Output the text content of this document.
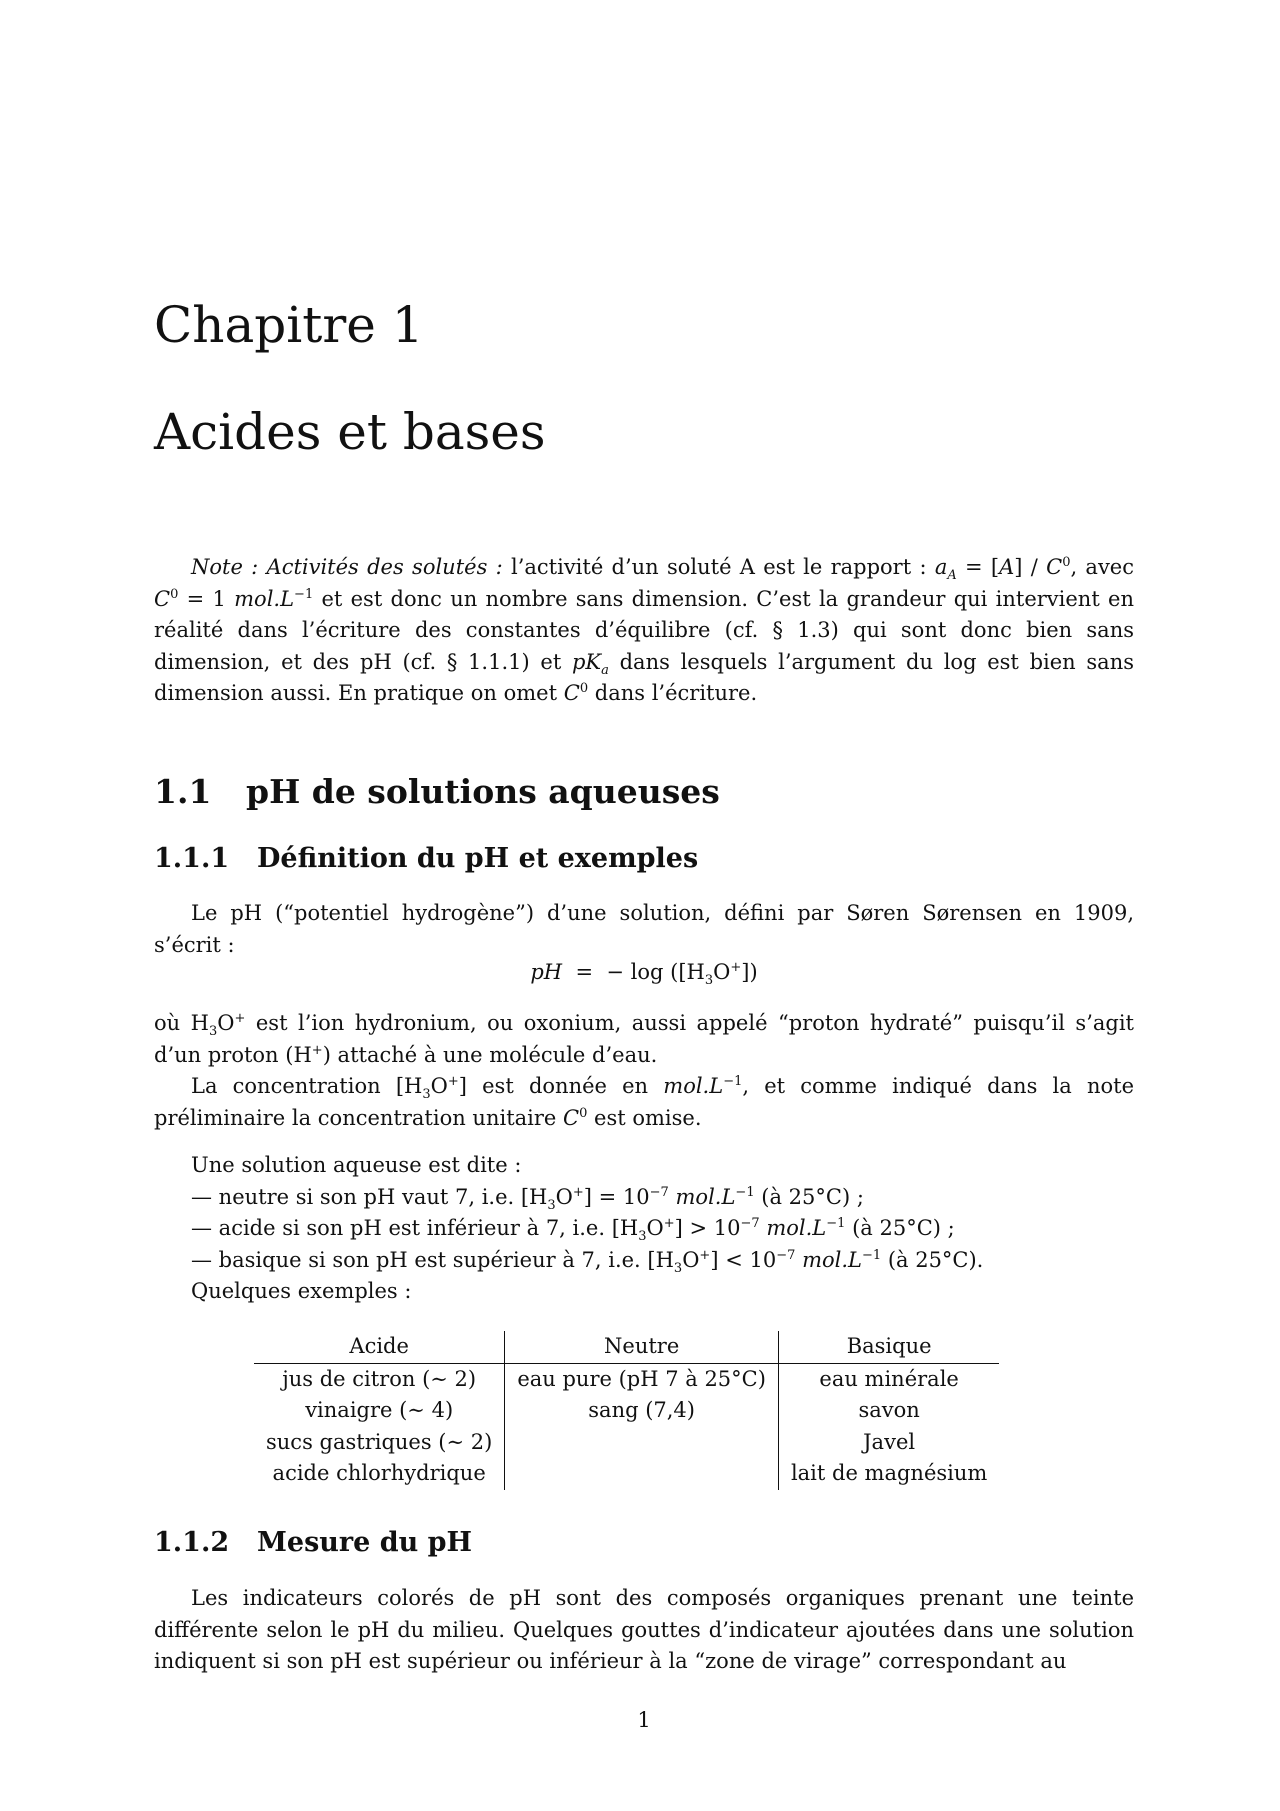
Chapitre 1
Acides et bases

Note : Activités des solutés : l’activité d’un soluté A est le rapport : $a_A = [A] / C^0$, avec $C^0 = 1$ $mol.L^{-1}$ et est donc un nombre sans dimension. C’est la grandeur qui intervient en réalité dans l’écriture des constantes d’équilibre (cf. § 1.3) qui sont donc bien sans dimension, et des pH (cf. § 1.1.1) et $pK_a$ dans lesquels l’argument du log est bien sans dimension aussi. En pratique on omet $C^0$ dans l’écriture.

1.1 pH de solutions aqueuses
1.1.1 Définition du pH et exemples

Le pH (“potentiel hydrogène”) d’une solution, défini par Søren Sørensen en 1909, s’écrit :

pH  =  − $\log ([H_3O^+])$

où $H_3O^+$ est l’ion hydronium, ou oxonium, aussi appelé “proton hydraté” puisqu’il s’agit d’un proton (H+) attaché à une molécule d’eau.

La concentration $[H_3O^+]$ est donnée en $mol.L^{-1}$, et comme indiqué dans la note préliminaire la concentration unitaire $C^0$ est omise.

Une solution aqueuse est dite :
— neutre si son pH vaut 7, i.e. $[H_3O^+] = 10^{-7}$ $mol.L^{-1}$ (à 25°C) ;
— acide si son pH est inférieur à 7, i.e. $[H_3O^+] > 10^{-7}$ $mol.L^{-1}$ (à 25°C) ;
— basique si son pH est supérieur à 7, i.e. $[H_3O^+] < 10^{-7}$ $mol.L^{-1}$ (à 25°C).
Quelques exemples :
Acide	Neutre	Basique
jus de citron (∼ 2)	eau pure (pH 7 à 25°C)	eau minérale
vinaigre (∼ 4)	sang (7,4)	savon
sucs gastriques (∼ 2)		Javel
acide chlorhydrique		lait de magnésium
1.1.2 Mesure du pH

Les indicateurs colorés de pH sont des composés organiques prenant une teinte différente selon le pH du milieu. Quelques gouttes d’indicateur ajoutées dans une solution indiquent si son pH est supérieur ou inférieur à la “zone de virage” correspondant au

1
